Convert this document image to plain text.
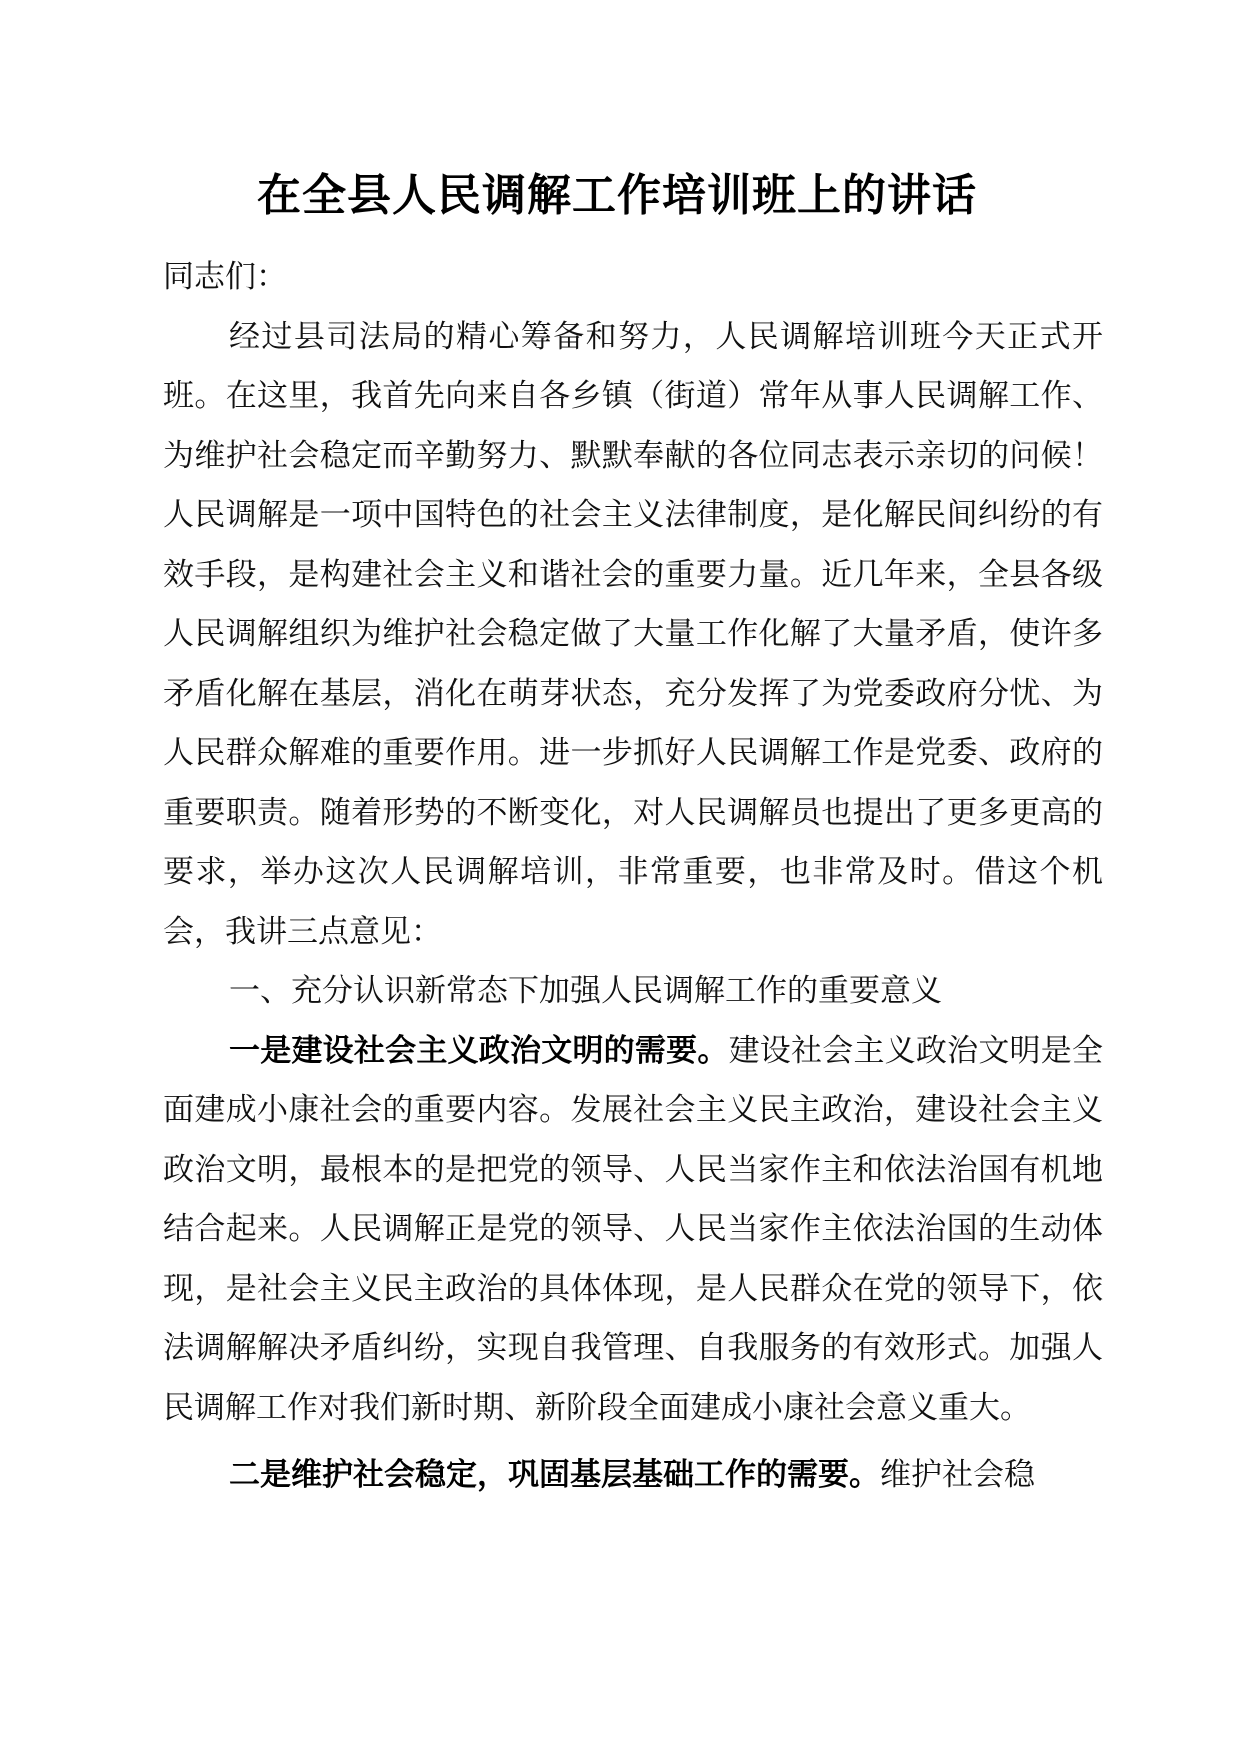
在全县人民调解工作培训班上的讲话

同志们：

经过县司法局的精心筹备和努力，人民调解培训班今天正式开班。在这里，我首先向来自各乡镇（街道）常年从事人民调解工作、为维护社会稳定而辛勤努力、默默奉献的各位同志表示亲切的问候！人民调解是一项中国特色的社会主义法律制度，是化解民间纠纷的有效手段，是构建社会主义和谐社会的重要力量。近几年来，全县各级人民调解组织为维护社会稳定做了大量工作化解了大量矛盾，使许多矛盾化解在基层，消化在萌芽状态，充分发挥了为党委政府分忧、为人民群众解难的重要作用。进一步抓好人民调解工作是党委、政府的重要职责。随着形势的不断变化，对人民调解员也提出了更多更高的要求，举办这次人民调解培训，非常重要，也非常及时。借这个机会，我讲三点意见：

一、充分认识新常态下加强人民调解工作的重要意义

一是建设社会主义政治文明的需要。建设社会主义政治文明是全面建成小康社会的重要内容。发展社会主义民主政治，建设社会主义政治文明，最根本的是把党的领导、人民当家作主和依法治国有机地结合起来。人民调解正是党的领导、人民当家作主依法治国的生动体现，是社会主义民主政治的具体体现，是人民群众在党的领导下，依法调解解决矛盾纠纷，实现自我管理、自我服务的有效形式。加强人民调解工作对我们新时期、新阶段全面建成小康社会意义重大。

二是维护社会稳定，巩固基层基础工作的需要。维护社会稳
